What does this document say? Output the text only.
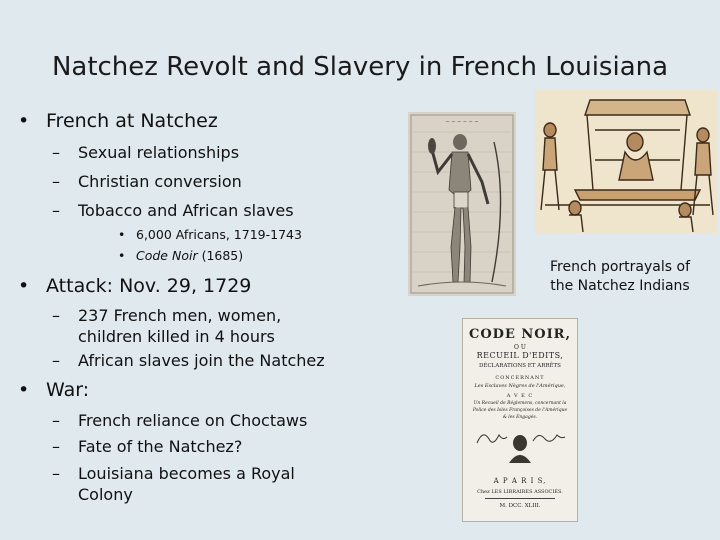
Natchez Revolt and Slavery in French Louisiana
• French at Natchez
– Sexual relationships
– Christian conversion
– Tobacco and African slaves
• 6,000 Africans, 1719-1743
• Code Noir (1685)
• Attack: Nov. 29, 1729
– 237 French men, women,
children killed in 4 hours
– African slaves join the Natchez
• War:
– French reliance on Choctaws
– Fate of the Natchez?
– Louisiana becomes a Royal
Colony
~ ~ ~ ~ ~ ~
French portrayals of
the Natchez Indians
CODE NOIR,
O U
RECUEIL D'EDITS,
DÉCLARATIONS ET ARRÊTS
CONCERNANT
Les Esclaves Nègres de l'Amérique,
A V E C
Un Recueil de Réglemens, concernant la
Police des Isles Françoises de l'Amérique
& les Engagés.
A P A R I S,
Chez LES LIBRAIRES ASSOCIÉS.
M. DCC. XLIII.
